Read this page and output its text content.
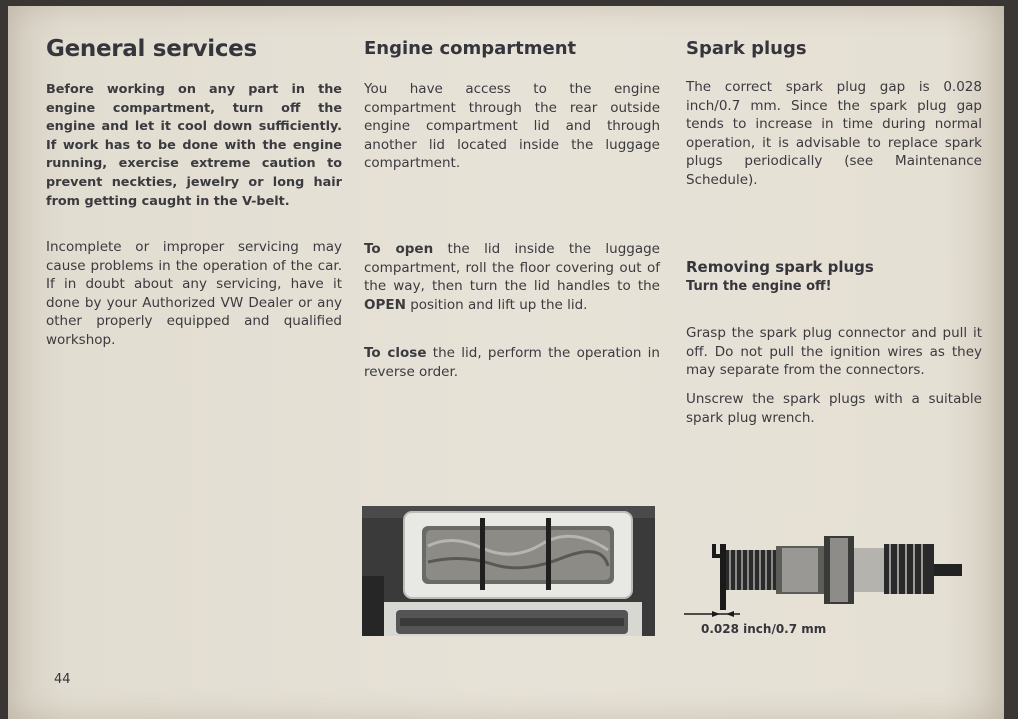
General services
Before working on any part in the engine compartment, turn off the engine and let it cool down sufficiently. If work has to be done with the engine running, exercise extreme caution to prevent neckties, jewelry or long hair from getting caught in the V-belt.
Incomplete or improper servicing may cause problems in the operation of the car. If in doubt about any servicing, have it done by your Authorized VW Dealer or any other properly equipped and qualified workshop.
Engine compartment
You have access to the engine compartment through the rear outside engine compartment lid and through another lid located inside the luggage compartment.
To open the lid inside the luggage compartment, roll the floor covering out of the way, then turn the lid handles to the OPEN position and lift up the lid.
To close the lid, perform the operation in reverse order.
Spark plugs
The correct spark plug gap is 0.028 inch/0.7 mm. Since the spark plug gap tends to increase in time during normal operation, it is advisable to replace spark plugs periodically (see Maintenance Schedule).
Removing spark plugs
Turn the engine off!
Grasp the spark plug connector and pull it off. Do not pull the ignition wires as they may separate from the connectors.
Unscrew the spark plugs with a suitable spark plug wrench.
0.028 inch/0.7 mm
44
